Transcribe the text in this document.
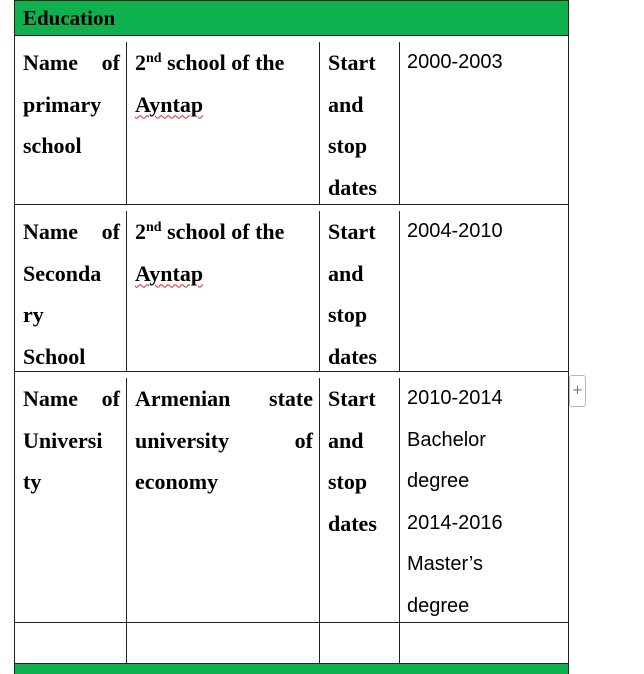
Education
Name of
primary
school
2nd school of the
Ayntap
Start
and
stop
dates
2000-2003
Name of
Seconda
ry
School
2nd school of the
Ayntap
Start
and
stop
dates
2004-2010
Name of
Universi
ty
Armenian state
university	of
economy
Start
and
stop
dates
2010-2014
Bachelor
degree
2014-2016
Master’s
degree
+
